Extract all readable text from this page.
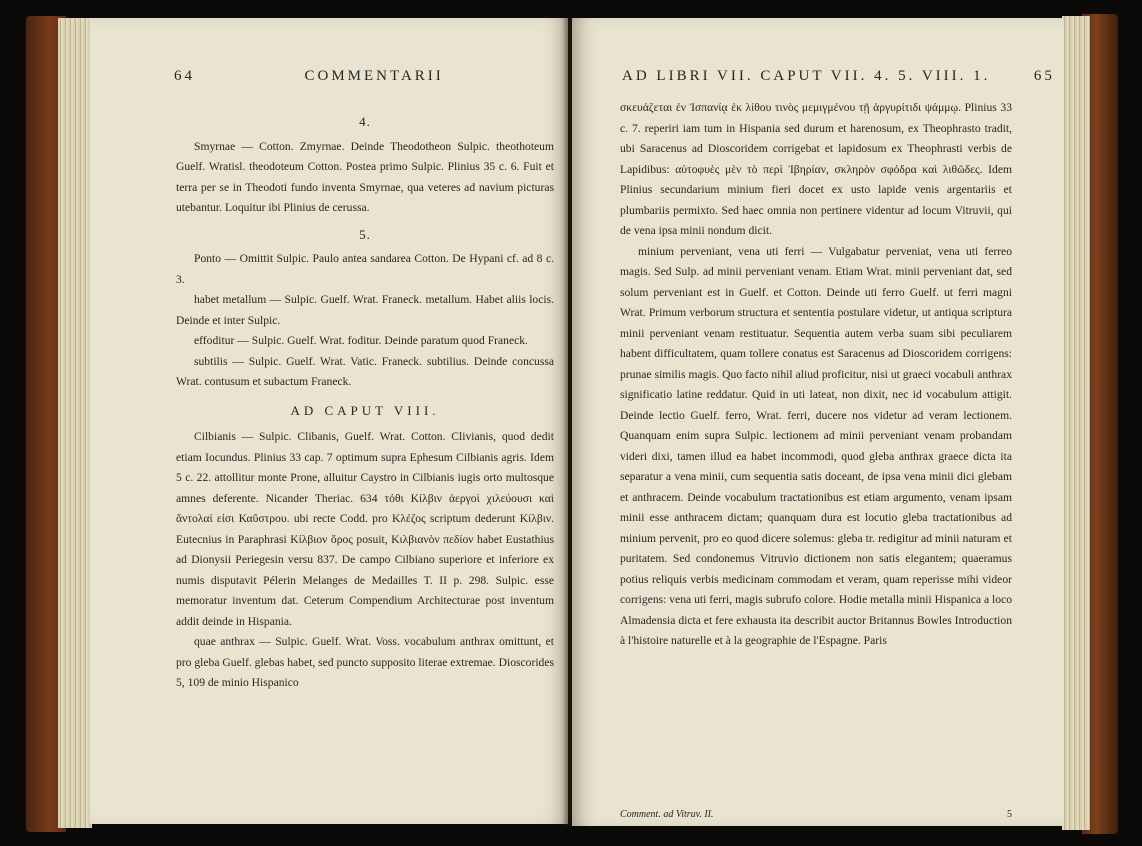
64	COMMENTARII
4.

Smyrnae — Cotton. Zmyrnae. Deinde Theodotheon Sulpic. theothoteum Guelf. Wratisl. theodoteum Cotton. Postea primo Sulpic. Plinius 35 c. 6. Fuit et terra per se in Theodoti fundo inventa Smyrnae, qua veteres ad navium picturas utebantur. Loquitur ibi Plinius de cerussa.

5.

Ponto — Omittit Sulpic. Paulo antea sandarea Cotton. De Hypani cf. ad 8 c. 3.

habet metallum — Sulpic. Guelf. Wrat. Franeck. metallum. Habet aliis locis. Deinde et inter Sulpic.

effoditur — Sulpic. Guelf. Wrat. foditur. Deinde paratum quod Franeck.

subtilis — Sulpic. Guelf. Wrat. Vatic. Franeck. subtilius. Deinde concussa Wrat. contusum et subactum Franeck.

AD CAPUT VIII.

Cilbianis — Sulpic. Clibanis, Guelf. Wrat. Cotton. Clivianis, quod dedit etiam Iocundus. Plinius 33 cap. 7 optimum supra Ephesum Cilbianis agris. Idem 5 c. 22. attollitur monte Prone, alluitur Caystro in Cilbianis iugis orto multosque amnes deferente. Nicander Theriac. 634 τόθι Κίλβιν ἀεργοὶ χιλεύουσι καὶ ἄντολαί εἰσι Καΰστρου. ubi recte Codd. pro Κλέζος scriptum dederunt Κίλβιν. Eutecnius in Paraphrasi Κίλβιον ὄρος posuit, Κιλβιανὸν πεδίον habet Eustathius ad Dionysii Periegesin versu 837. De campo Cilbiano superiore et inferiore ex numis disputavit Pélerin Melanges de Medailles T. II p. 298. Sulpic. esse memoratur inventum dat. Ceterum Compendium Architecturae post inventum addit deinde in Hispania.

quae anthrax — Sulpic. Guelf. Wrat. Voss. vocabulum anthrax omittunt, et pro gleba Guelf. glebas habet, sed puncto supposito literae extremae. Dioscorides 5, 109 de minio Hispanico

AD LIBRI VII. CAPUT VII. 4. 5. VIII. 1.	65

σκευάζεται ἐν Ἰσπανίᾳ ἐκ λίθου τινὸς μεμιγμένου τῇ ἀργυρίτιδι ψάμμῳ. Plinius 33 c. 7. reperiri iam tum in Hispania sed durum et harenosum, ex Theophrasto tradit, ubi Saracenus ad Dioscoridem corrigebat et lapidosum ex Theophrasti verbis de Lapidibus: αὐτοφυὲς μὲν τὸ περὶ Ἰβηρίαν, σκληρὸν σφόδρα καὶ λιθῶδες. Idem Plinius secundarium minium fieri docet ex usto lapide venis argentariis et plumbariis permixto. Sed haec omnia non pertinere videntur ad locum Vitruvii, qui de vena ipsa minii nondum dicit.

minium perveniant, vena uti ferri — Vulgabatur perveniat, vena uti ferreo magis. Sed Sulp. ad minii perveniant venam. Etiam Wrat. minii perveniant dat, sed solum perveniant est in Guelf. et Cotton. Deinde uti ferro Guelf. ut ferri magni Wrat. Primum verborum structura et sententia postulare videtur, ut antiqua scriptura minii perveniant venam restituatur. Sequentia autem verba suam sibi peculiarem habent difficultatem, quam tollere conatus est Saracenus ad Dioscoridem corrigens: prunae similis magis. Quo facto nihil aliud proficitur, nisi ut graeci vocabuli anthrax significatio latine reddatur. Quid in uti lateat, non dixit, nec id vocabulum attigit. Deinde lectio Guelf. ferro, Wrat. ferri, ducere nos videtur ad veram lectionem. Quanquam enim supra Sulpic. lectionem ad minii perveniant venam probandam videri dixi, tamen illud ea habet incommodi, quod gleba anthrax graece dicta ita separatur a vena minii, cum sequentia satis doceant, de ipsa vena minii dici glebam et anthracem. Deinde vocabulum tractationibus est etiam argumento, venam ipsam minii esse anthracem dictam; quanquam dura est locutio gleba tractationibus ad minium pervenit, pro eo quod dicere solemus: gleba tr. redigitur ad minii naturam et puritatem. Sed condonemus Vitruvio dictionem non satis elegantem; quaeramus potius reliquis verbis medicinam commodam et veram, quam reperisse mihi videor corrigens: vena uti ferri, magis subrufo colore. Hodie metalla minii Hispanica a loco Almadensia dicta et fere exhausta ita describit auctor Britannus Bowles Introduction à l'histoire naturelle et à la geographie de l'Espagne. Paris

Comment. ad Vitruv. II.	5
